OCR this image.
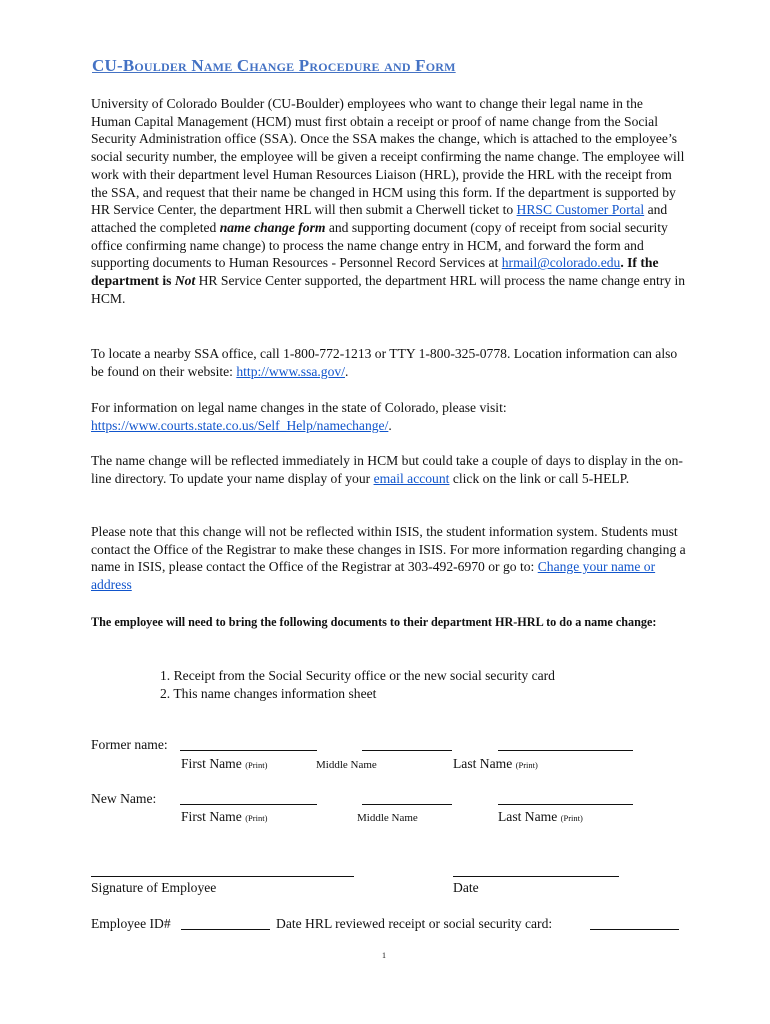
CU-Boulder Name Change Procedure and Form
University of Colorado Boulder (CU-Boulder) employees who want to change their legal name in the Human Capital Management (HCM) must first obtain a receipt or proof of name change from the Social Security Administration office (SSA). Once the SSA makes the change, which is attached to the employee’s social security number, the employee will be given a receipt confirming the name change. The employee will work with their department level Human Resources Liaison (HRL), provide the HRL with the receipt from the SSA, and request that their name be changed in HCM using this form. If the department is supported by HR Service Center, the department HRL will then submit a Cherwell ticket to HRSC Customer Portal and attached the completed name change form and supporting document (copy of receipt from social security office confirming name change) to process the name change entry in HCM, and forward the form and supporting documents to Human Resources - Personnel Record Services at hrmail@colorado.edu. If the department is Not HR Service Center supported, the department HRL will process the name change entry in HCM.
To locate a nearby SSA office, call 1-800-772-1213 or TTY 1-800-325-0778. Location information can also be found on their website: http://www.ssa.gov/.
For information on legal name changes in the state of Colorado, please visit:
https://www.courts.state.co.us/Self_Help/namechange/.
The name change will be reflected immediately in HCM but could take a couple of days to display in the on-line directory. To update your name display of your email account click on the link or call 5-HELP.
Please note that this change will not be reflected within ISIS, the student information system. Students must contact the Office of the Registrar to make these changes in ISIS. For more information regarding changing a name in ISIS, please contact the Office of the Registrar at 303-492-6970 or go to: Change your name or address
The employee will need to bring the following documents to their department HR-HRL to do a name change:
1. Receipt from the Social Security office or the new social security card
2. This name changes information sheet
Former name:
First Name (Print)	Middle Name	Last Name (Print)
New Name:
First Name (Print)	Middle Name	Last Name (Print)
Signature of Employee	Date
Employee ID#	Date HRL reviewed receipt or social security card:
1
